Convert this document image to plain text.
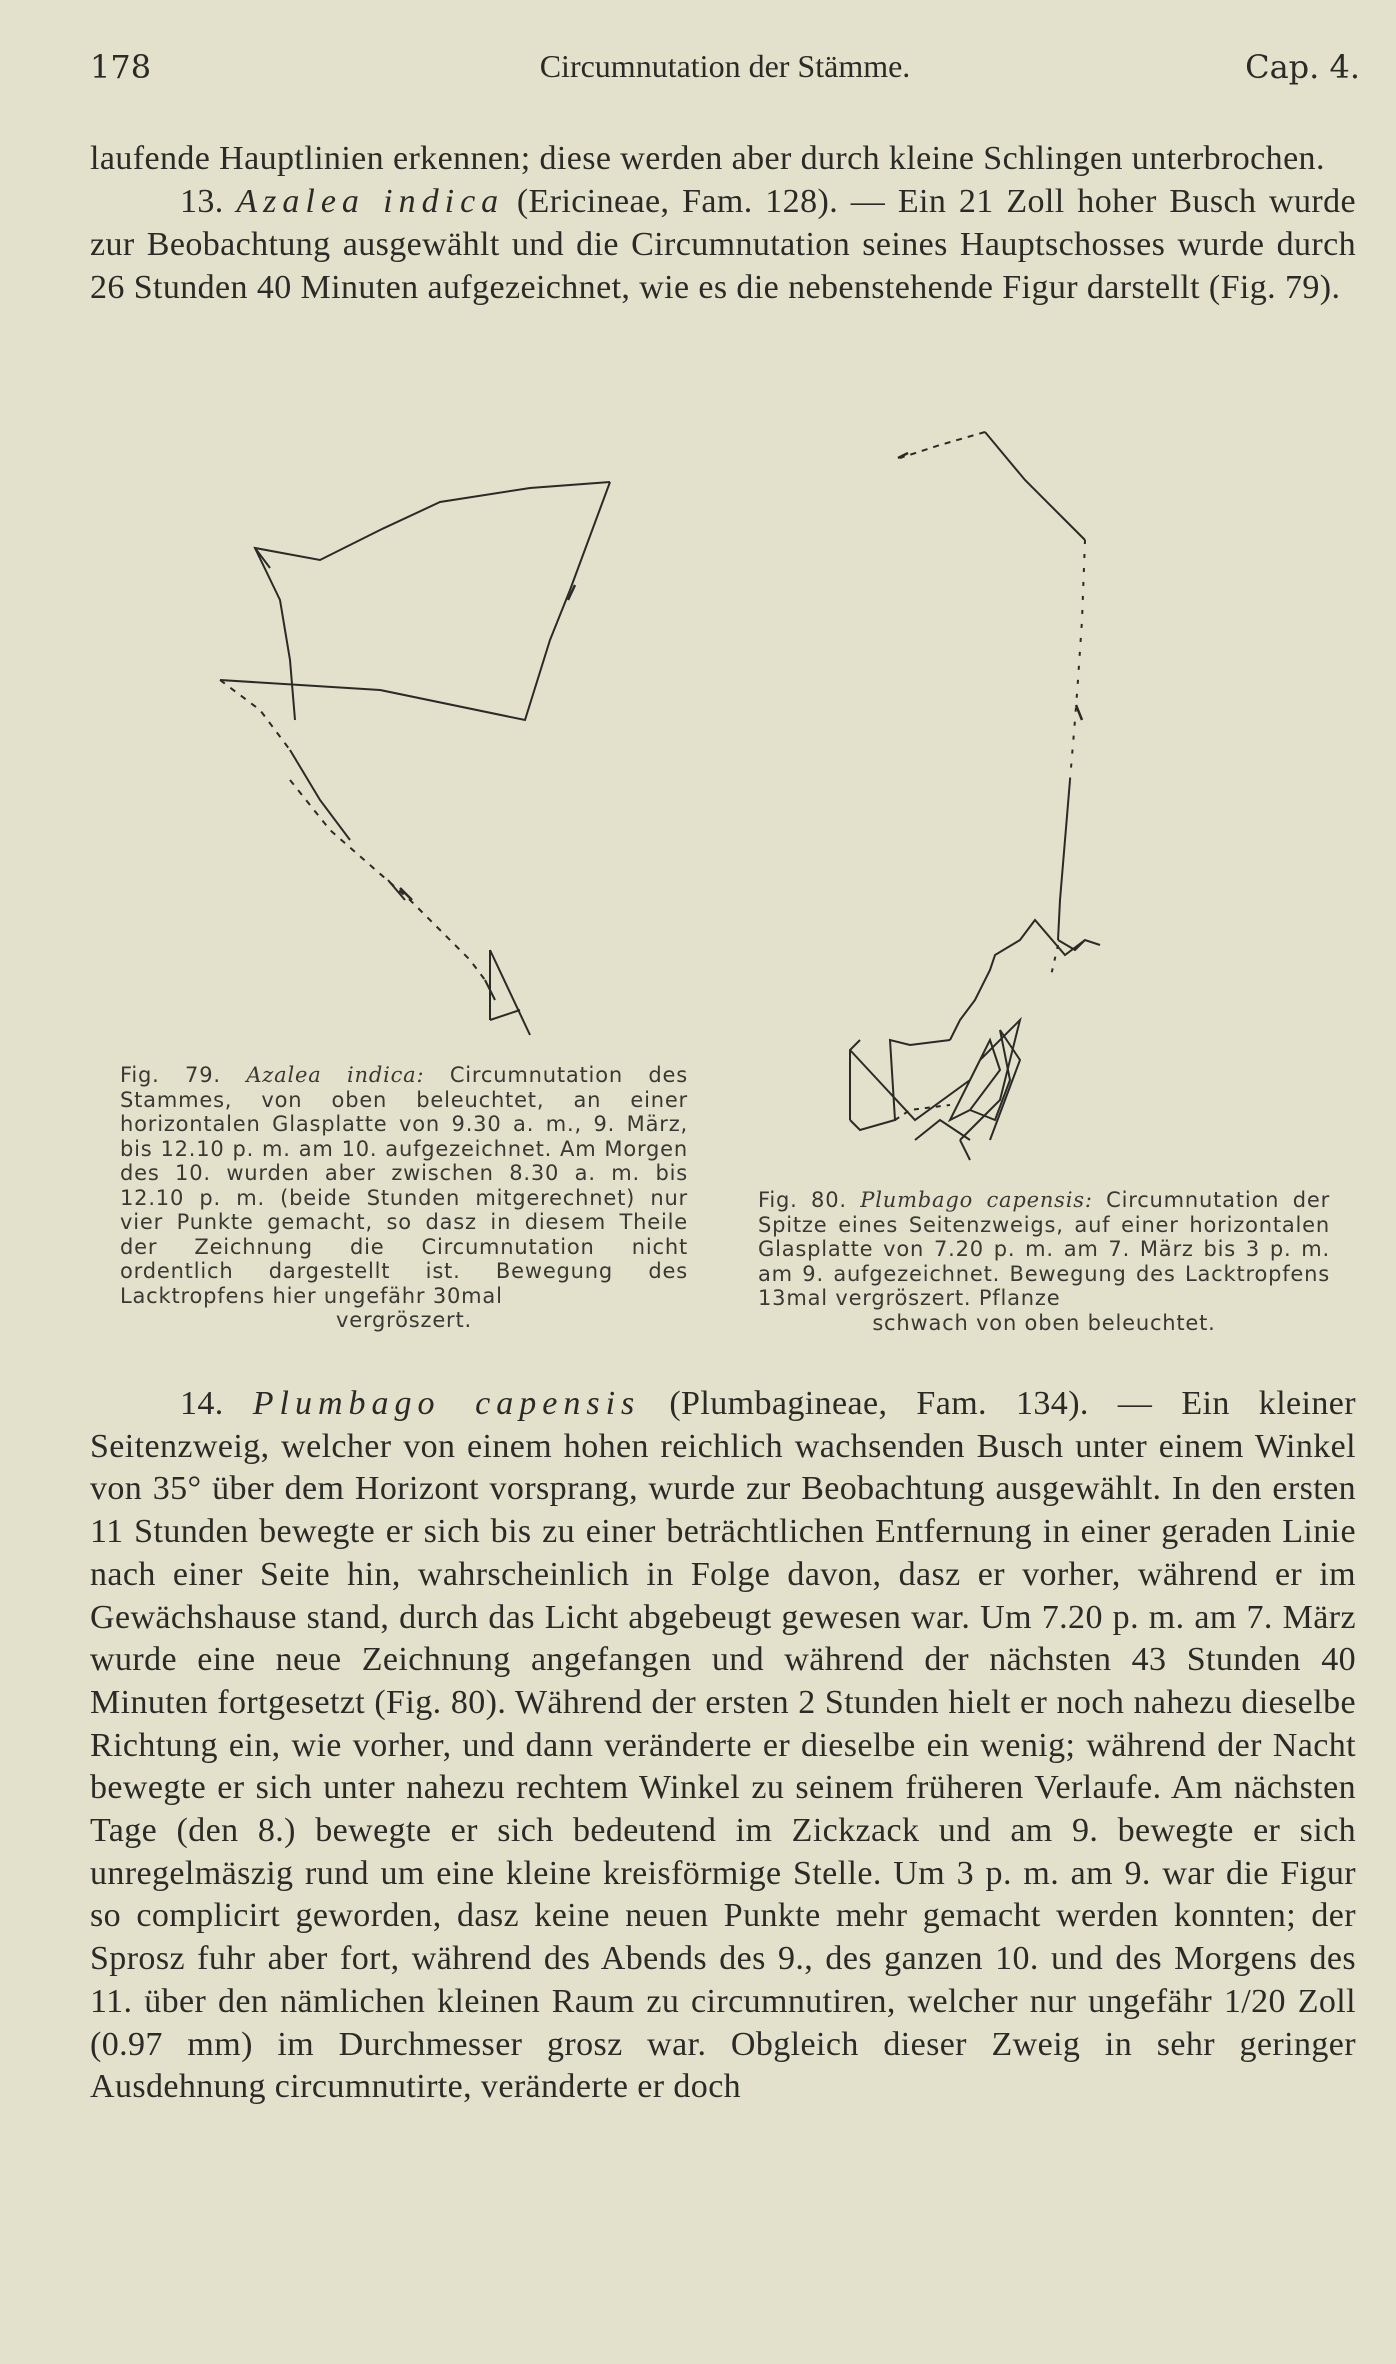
178	Circumnutation der Stämme.	Cap. 4.

laufende Hauptlinien erkennen; diese werden aber durch kleine Schlingen unterbrochen.

13. Azalea indica (Ericineae, Fam. 128). — Ein 21 Zoll hoher Busch wurde zur Beobachtung ausgewählt und die Circumnutation seines Hauptschosses wurde durch 26 Stunden 40 Minuten aufgezeichnet, wie es die nebenstehende Figur darstellt (Fig. 79).

Fig. 79. Azalea indica: Circumnutation des Stammes, von oben beleuchtet, an einer horizontalen Glasplatte von 9.30 a. m., 9. März, bis 12.10 p. m. am 10. aufgezeichnet. Am Morgen des 10. wurden aber zwischen 8.30 a. m. bis 12.10 p. m. (beide Stunden mitgerechnet) nur vier Punkte gemacht, so dasz in diesem Theile der Zeichnung die Circumnutation nicht ordentlich dargestellt ist. Bewegung des Lacktropfens hier ungefähr 30mal
vergröszert.
Fig. 80. Plumbago capensis: Circumnutation der Spitze eines Seitenzweigs, auf einer horizontalen Glasplatte von 7.20 p. m. am 7. März bis 3 p. m. am 9. aufgezeichnet. Bewegung des Lacktropfens 13mal vergröszert. Pflanze
schwach von oben beleuchtet.

14. Plumbago capensis (Plumbagineae, Fam. 134). — Ein kleiner Seitenzweig, welcher von einem hohen reichlich wachsenden Busch unter einem Winkel von 35° über dem Horizont vorsprang, wurde zur Beobachtung ausgewählt. In den ersten 11 Stunden bewegte er sich bis zu einer beträchtlichen Entfernung in einer geraden Linie nach einer Seite hin, wahrscheinlich in Folge davon, dasz er vorher, während er im Gewächshause stand, durch das Licht abgebeugt gewesen war. Um 7.20 p. m. am 7. März wurde eine neue Zeichnung angefangen und während der nächsten 43 Stunden 40 Minuten fortgesetzt (Fig. 80). Während der ersten 2 Stunden hielt er noch nahezu dieselbe Richtung ein, wie vorher, und dann veränderte er dieselbe ein wenig; während der Nacht bewegte er sich unter nahezu rechtem Winkel zu seinem früheren Verlaufe. Am nächsten Tage (den 8.) bewegte er sich bedeutend im Zickzack und am 9. bewegte er sich unregelmäszig rund um eine kleine kreisförmige Stelle. Um 3 p. m. am 9. war die Figur so complicirt geworden, dasz keine neuen Punkte mehr gemacht werden konnten; der Sprosz fuhr aber fort, während des Abends des 9., des ganzen 10. und des Morgens des 11. über den nämlichen kleinen Raum zu circumnutiren, welcher nur ungefähr 1/20 Zoll (0.97 mm) im Durchmesser grosz war. Obgleich dieser Zweig in sehr geringer Ausdehnung circumnutirte, veränderte er doch
